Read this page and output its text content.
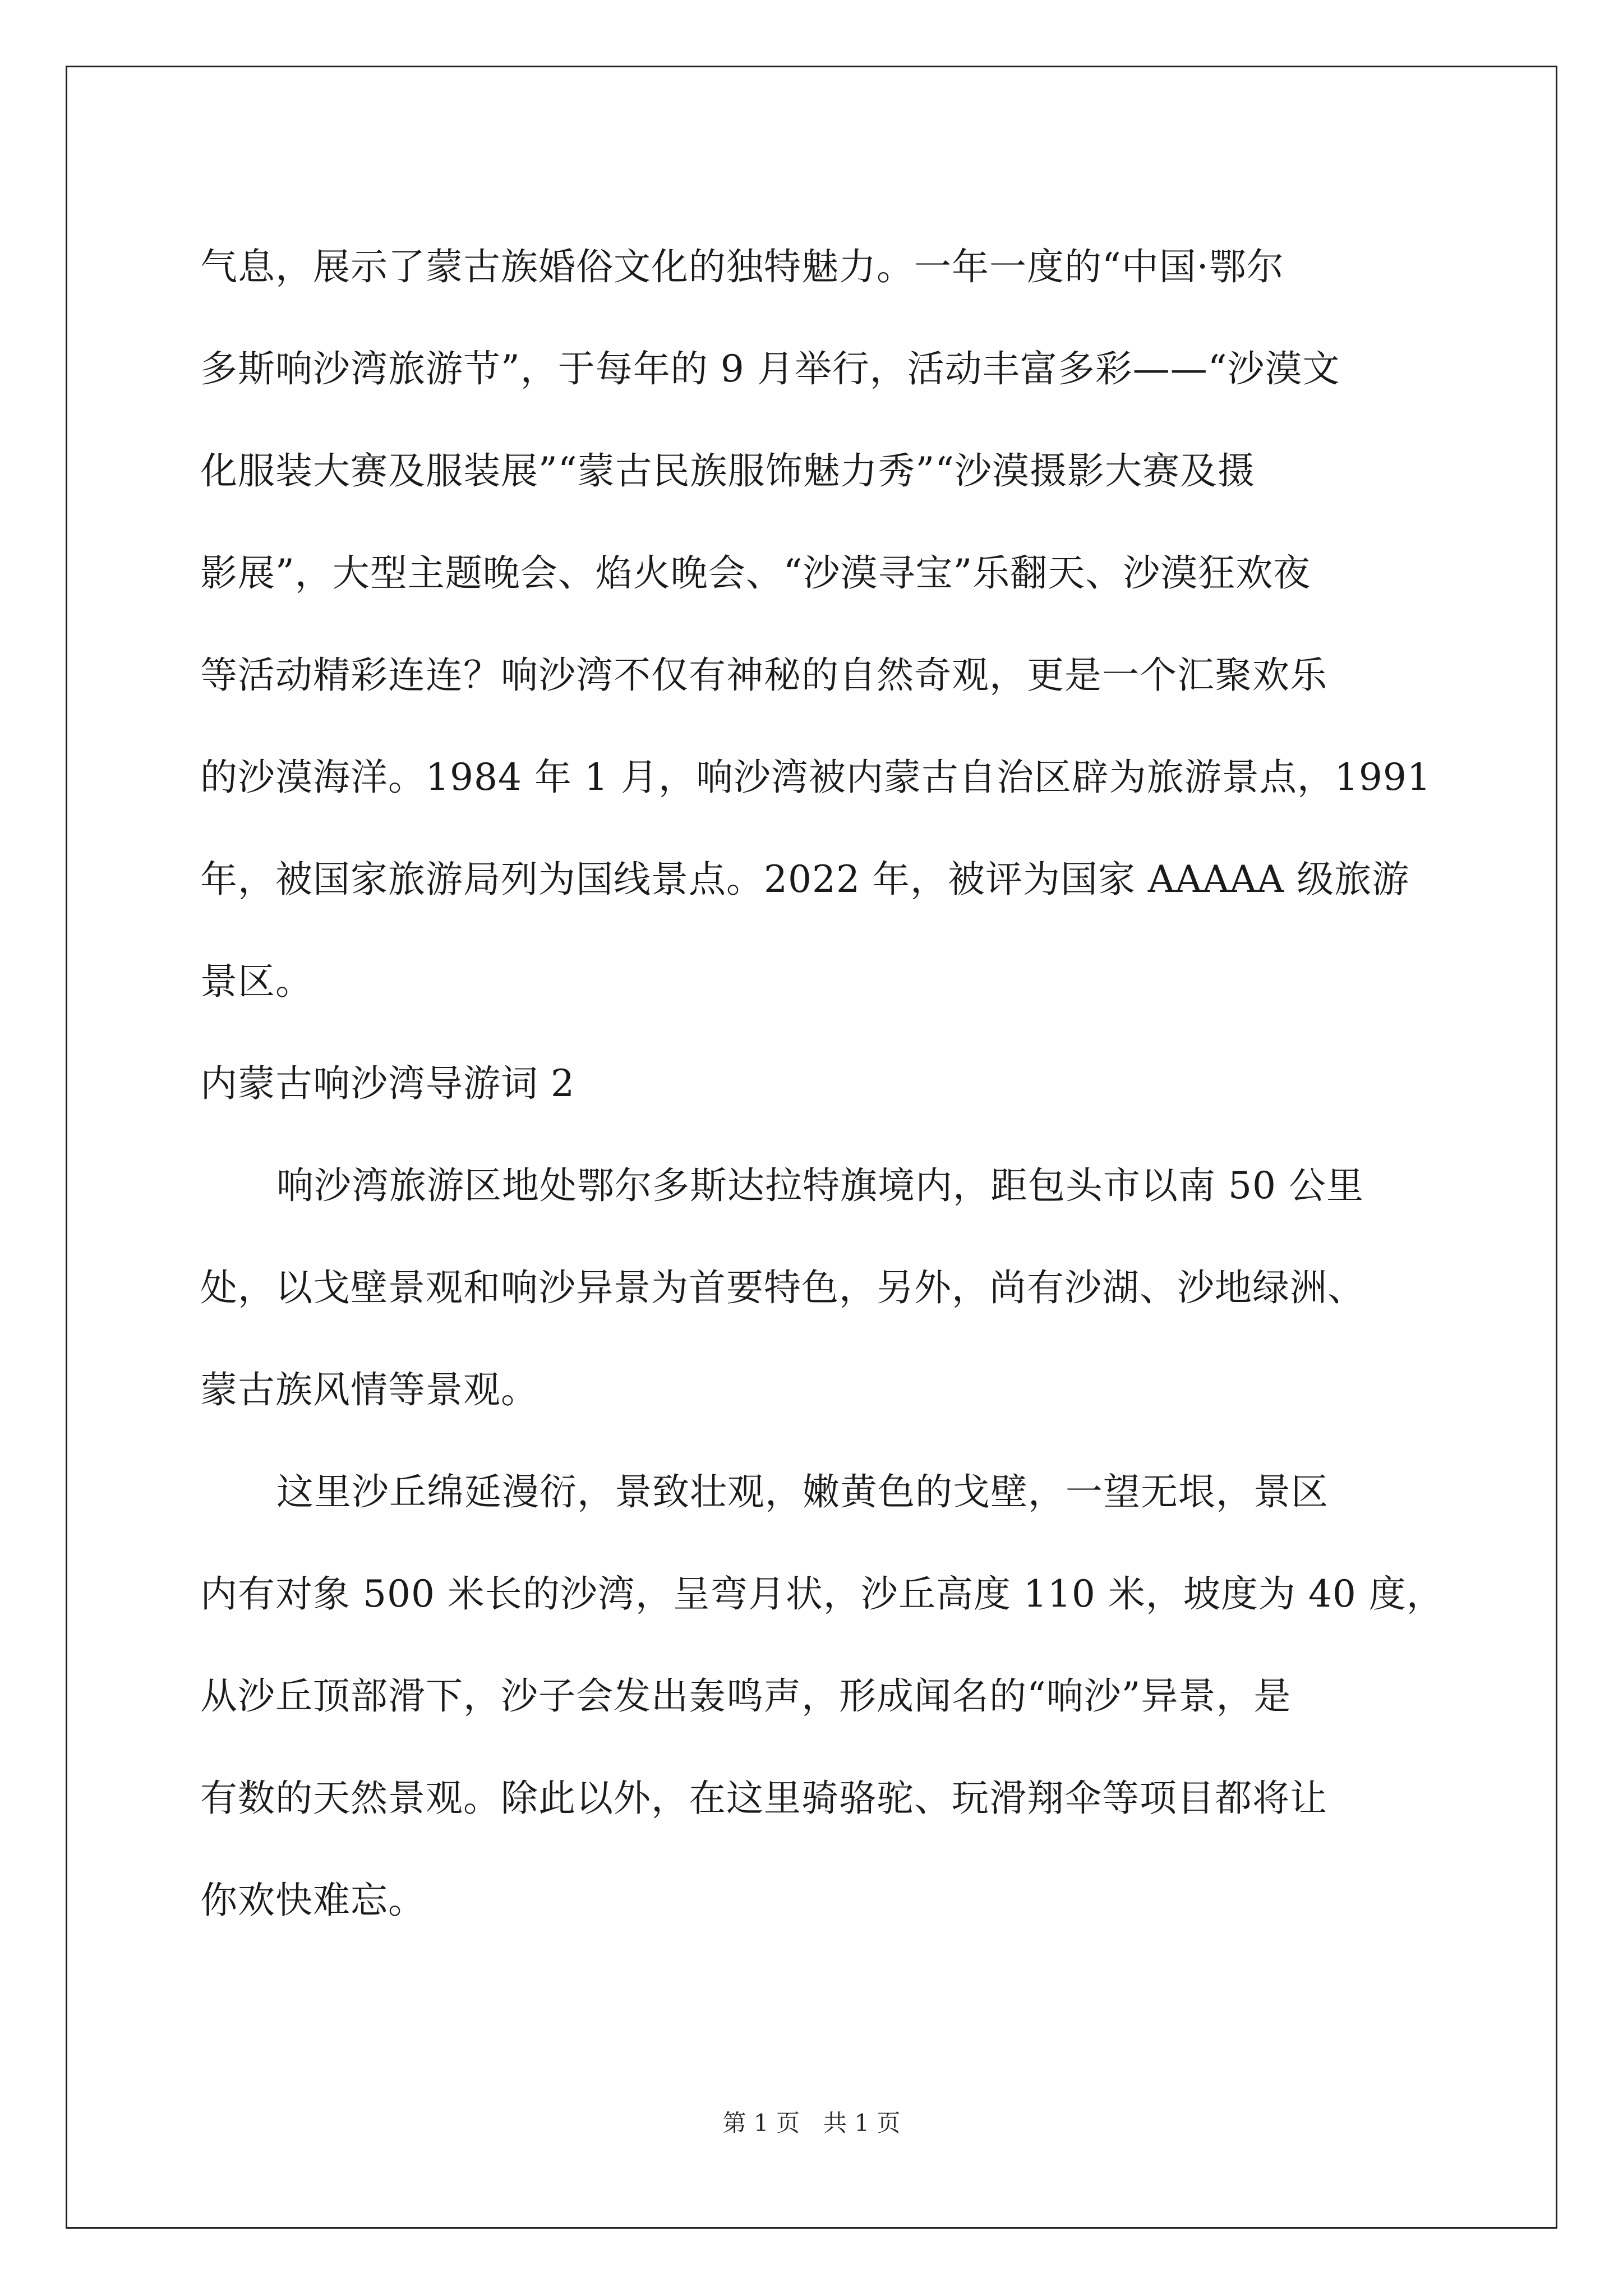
气息，展示了蒙古族婚俗文化的独特魅力。一年一度的“中国·鄂尔
多斯响沙湾旅游节”，于每年的 9 月举行，活动丰富多彩——“沙漠文
化服装大赛及服装展”“蒙古民族服饰魅力秀”“沙漠摄影大赛及摄
影展”，大型主题晚会、焰火晚会、“沙漠寻宝”乐翻天、沙漠狂欢夜
等活动精彩连连？响沙湾不仅有神秘的自然奇观，更是一个汇聚欢乐
的沙漠海洋。1984 年 1 月，响沙湾被内蒙古自治区辟为旅游景点，1991
年，被国家旅游局列为国线景点。2022 年，被评为国家 AAAAA 级旅游
景区。
内蒙古响沙湾导游词 2
响沙湾旅游区地处鄂尔多斯达拉特旗境内，距包头市以南 50 公里
处，以戈壁景观和响沙异景为首要特色，另外，尚有沙湖、沙地绿洲、
蒙古族风情等景观。
这里沙丘绵延漫衍，景致壮观，嫩黄色的戈壁，一望无垠，景区
内有对象 500 米长的沙湾，呈弯月状，沙丘高度 110 米，坡度为 40 度，
从沙丘顶部滑下，沙子会发出轰鸣声，形成闻名的“响沙”异景，是
有数的天然景观。除此以外，在这里骑骆驼、玩滑翔伞等项目都将让
你欢快难忘。
第 1 页　共 1 页
